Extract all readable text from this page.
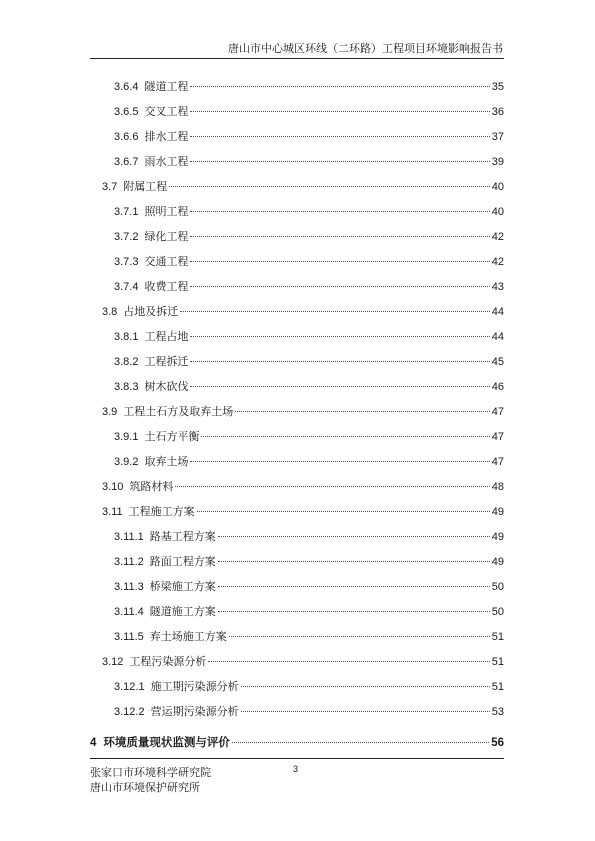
唐山市中心城区环线（二环路）工程项目环境影响报告书
3.6.4 隧道工程	35
3.6.5 交叉工程	36
3.6.6 排水工程	37
3.6.7 雨水工程	39
3.7 附属工程	40
3.7.1 照明工程	40
3.7.2 绿化工程	42
3.7.3 交通工程	42
3.7.4 收费工程	43
3.8 占地及拆迁	44
3.8.1 工程占地	44
3.8.2 工程拆迁	45
3.8.3 树木砍伐	46
3.9 工程土石方及取弃土场	47
3.9.1 土石方平衡	47
3.9.2 取弃土场	47
3.10 筑路材料	48
3.11 工程施工方案	49
3.11.1 路基工程方案	49
3.11.2 路面工程方案	49
3.11.3 桥梁施工方案	50
3.11.4 隧道施工方案	50
3.11.5 弃土场施工方案	51
3.12 工程污染源分析	51
3.12.1 施工期污染源分析	51
3.12.2 营运期污染源分析	53
4 环境质量现状监测与评价	56
张家口市环境科学研究院
唐山市环境保护研究所
3
